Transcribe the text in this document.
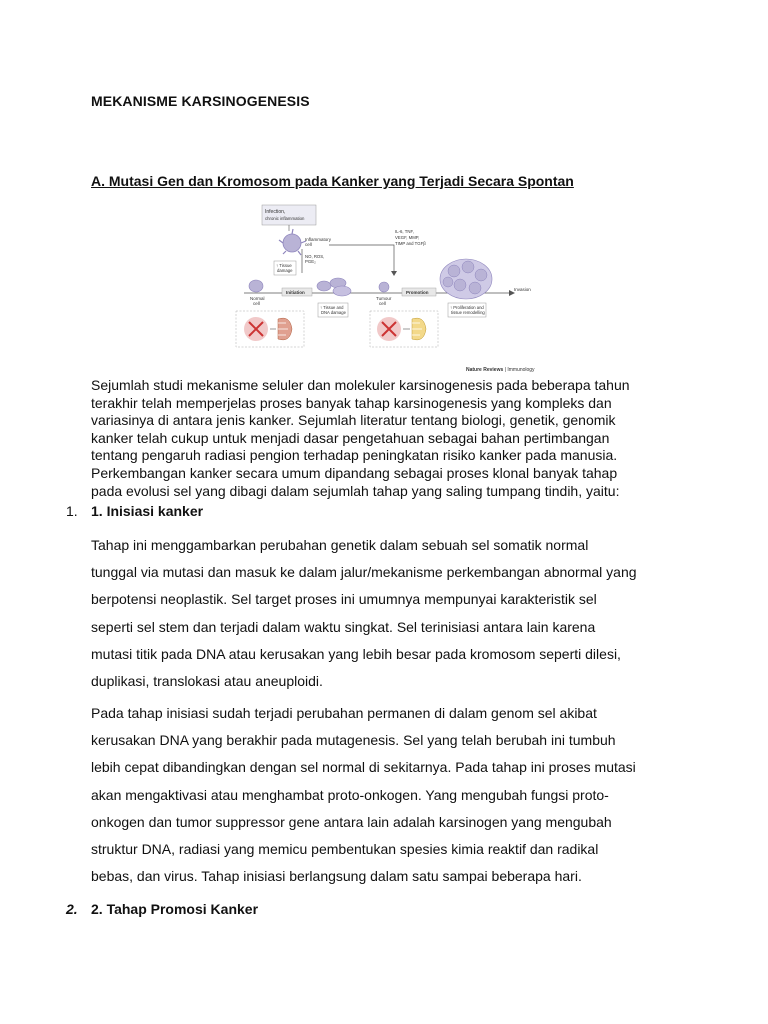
MEKANISME KARSINOGENESIS
A. Mutasi Gen dan Kromosom pada Kanker yang Terjadi Secara Spontan
Infection,
chronic inflammation
Inflammatory
cell
NO, ROS,
PGE₂
↑ Tissue
damage
Normal
cell
Initiation
↑ Tissue and
DNA damage
IL-6, TNF,
VEGF, MMP,
TIMP and TGFβ
Tumour
cell
Promotion
Invasion
↑ Proliferation and
tissue remodelling
Nature Reviews | Immunology
Sejumlah studi mekanisme seluler dan molekuler karsinogenesis pada beberapa tahun
terakhir telah memperjelas proses banyak tahap karsinogenesis yang kompleks dan
variasinya di antara jenis kanker. Sejumlah literatur tentang biologi, genetik, genomik
kanker telah cukup untuk menjadi dasar pengetahuan sebagai bahan pertimbangan
tentang pengaruh radiasi pengion terhadap peningkatan risiko kanker pada manusia.
Perkembangan kanker secara umum dipandang sebagai proses klonal banyak tahap
pada evolusi sel yang dibagi dalam sejumlah tahap yang saling tumpang tindih, yaitu:
1. 1. Inisiasi kanker
Tahap ini menggambarkan perubahan genetik dalam sebuah sel somatik normal
tunggal via mutasi dan masuk ke dalam jalur/mekanisme perkembangan abnormal yang
berpotensi neoplastik. Sel target proses ini umumnya mempunyai karakteristik sel
seperti sel stem dan terjadi dalam waktu singkat. Sel terinisiasi antara lain karena
mutasi titik pada DNA atau kerusakan yang lebih besar pada kromosom seperti dilesi,
duplikasi, translokasi atau aneuploidi.
Pada tahap inisiasi sudah terjadi perubahan permanen di dalam genom sel akibat
kerusakan DNA yang berakhir pada mutagenesis. Sel yang telah berubah ini tumbuh
lebih cepat dibandingkan dengan sel normal di sekitarnya. Pada tahap ini proses mutasi
akan mengaktivasi atau menghambat proto-onkogen. Yang mengubah fungsi proto-
onkogen dan tumor suppressor gene antara lain adalah karsinogen yang mengubah
struktur DNA, radiasi yang memicu pembentukan spesies kimia reaktif dan radikal
bebas, dan virus. Tahap inisiasi berlangsung dalam satu sampai beberapa hari.
2. 2. Tahap Promosi Kanker
